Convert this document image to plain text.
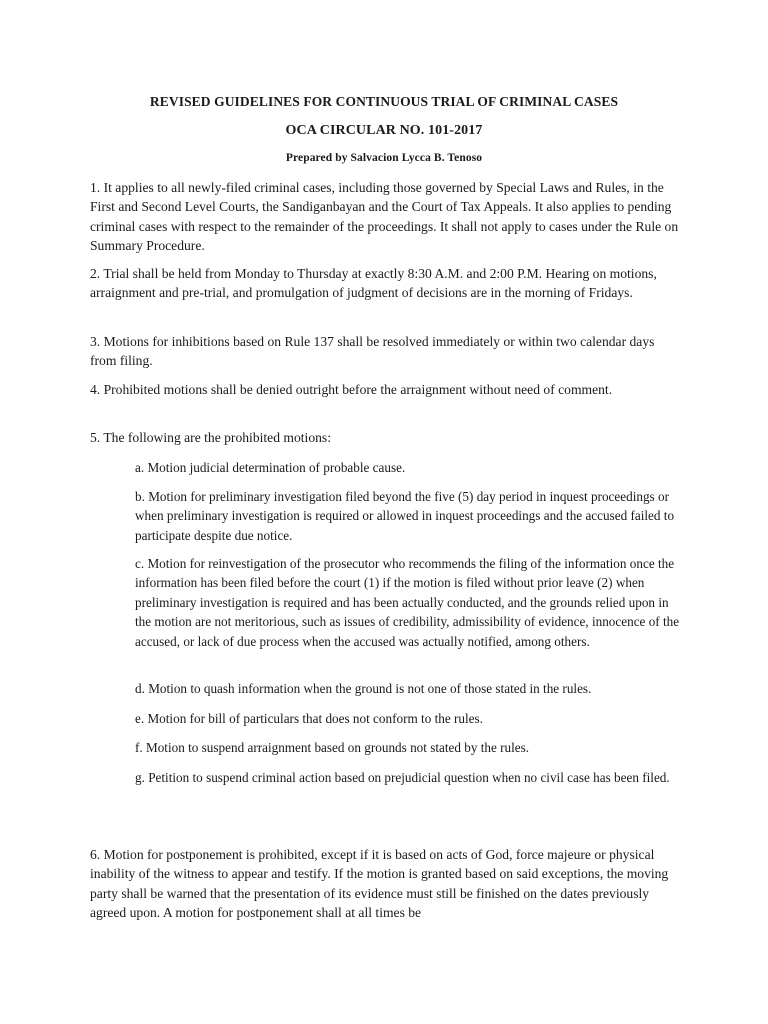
REVISED GUIDELINES FOR CONTINUOUS TRIAL OF CRIMINAL CASES
OCA CIRCULAR NO. 101-2017
Prepared by Salvacion Lycca B. Tenoso

1. It applies to all newly-filed criminal cases, including those governed by Special Laws and Rules, in the First and Second Level Courts, the Sandiganbayan and the Court of Tax Appeals. It also applies to pending criminal cases with respect to the remainder of the proceedings. It shall not apply to cases under the Rule on Summary Procedure.

2. Trial shall be held from Monday to Thursday at exactly 8:30 A.M. and 2:00 P.M. Hearing on motions, arraignment and pre-trial, and promulgation of judgment of decisions are in the morning of Fridays.

3. Motions for inhibitions based on Rule 137 shall be resolved immediately or within two calendar days from filing.

4. Prohibited motions shall be denied outright before the arraignment without need of comment.

5. The following are the prohibited motions:

a. Motion judicial determination of probable cause.

b. Motion for preliminary investigation filed beyond the five (5) day period in inquest proceedings or when preliminary investigation is required or allowed in inquest proceedings and the accused failed to participate despite due notice.

c. Motion for reinvestigation of the prosecutor who recommends the filing of the information once the information has been filed before the court (1) if the motion is filed without prior leave (2) when preliminary investigation is required and has been actually conducted, and the grounds relied upon in the motion are not meritorious, such as issues of credibility, admissibility of evidence, innocence of the accused, or lack of due process when the accused was actually notified, among others.

d. Motion to quash information when the ground is not one of those stated in the rules.

e. Motion for bill of particulars that does not conform to the rules.

f. Motion to suspend arraignment based on grounds not stated by the rules.

g. Petition to suspend criminal action based on prejudicial question when no civil case has been filed.

6. Motion for postponement is prohibited, except if it is based on acts of God, force majeure or physical inability of the witness to appear and testify. If the motion is granted based on said exceptions, the moving party shall be warned that the presentation of its evidence must still be finished on the dates previously agreed upon. A motion for postponement shall at all times be
